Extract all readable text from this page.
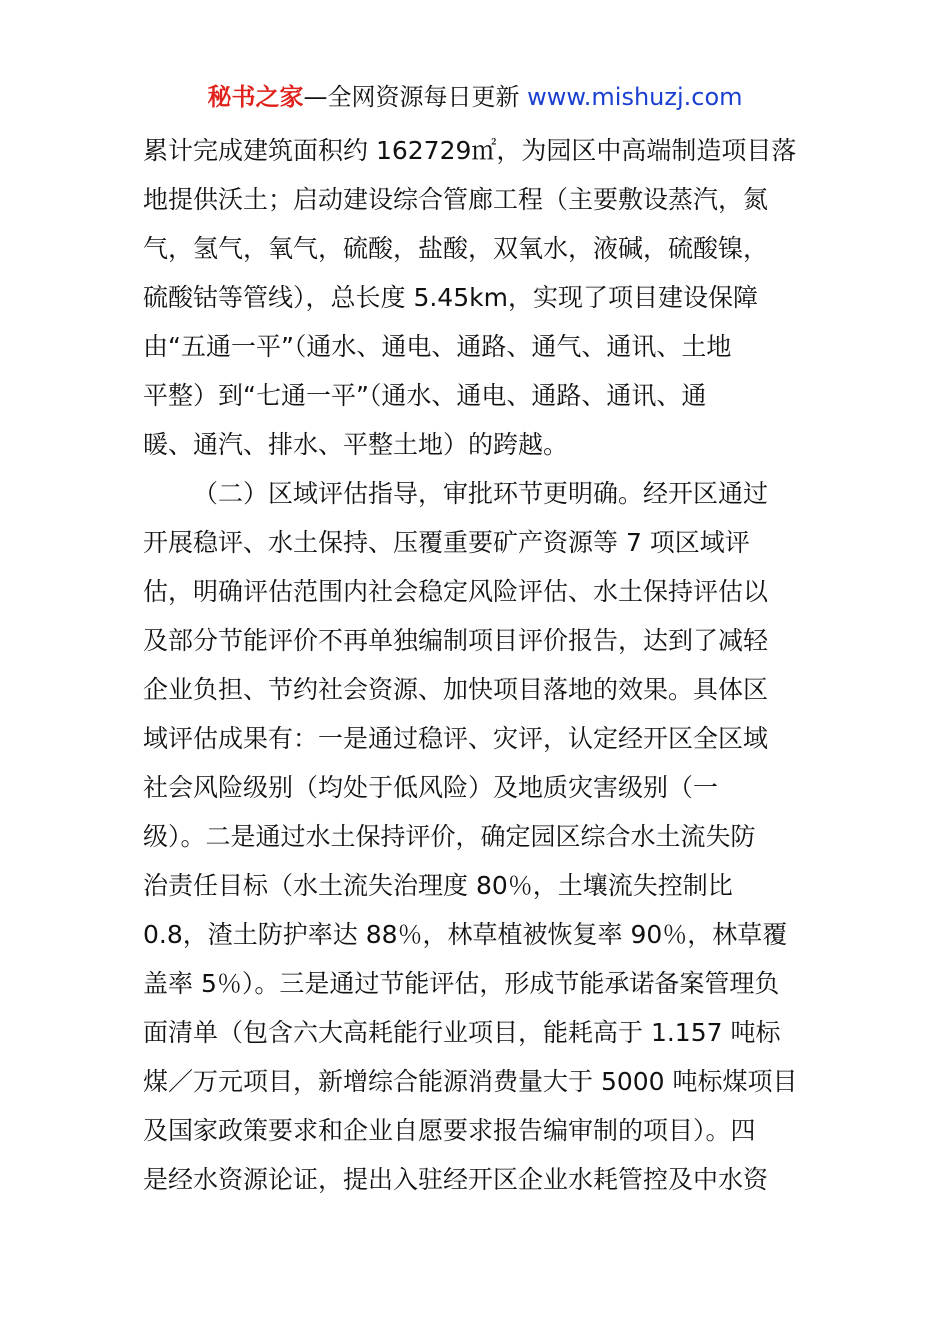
秘书之家—全网资源每日更新 www.mishuzj.com
累计完成建筑面积约 162729㎡，为园区中高端制造项目落
地提供沃土；启动建设综合管廊工程（主要敷设蒸汽，氮
气，氢气，氧气，硫酸，盐酸，双氧水，液碱，硫酸镍，
硫酸钴等管线），总长度 5.45km，实现了项目建设保障
由“五通一平”（通水、通电、通路、通气、通讯、土地
平整）到“七通一平”（通水、通电、通路、通讯、通
暖、通汽、排水、平整土地）的跨越。
（二）区域评估指导，审批环节更明确。经开区通过
开展稳评、水土保持、压覆重要矿产资源等 7 项区域评
估，明确评估范围内社会稳定风险评估、水土保持评估以
及部分节能评价不再单独编制项目评价报告，达到了减轻
企业负担、节约社会资源、加快项目落地的效果。具体区
域评估成果有：一是通过稳评、灾评，认定经开区全区域
社会风险级别（均处于低风险）及地质灾害级别（一
级）。二是通过水土保持评价，确定园区综合水土流失防
治责任目标（水土流失治理度 80％，土壤流失控制比
0.8，渣土防护率达 88％，林草植被恢复率 90％，林草覆
盖率 5％）。三是通过节能评估，形成节能承诺备案管理负
面清单（包含六大高耗能行业项目，能耗高于 1.157 吨标
煤／万元项目，新增综合能源消费量大于 5000 吨标煤项目
及国家政策要求和企业自愿要求报告编审制的项目）。四
是经水资源论证，提出入驻经开区企业水耗管控及中水资
